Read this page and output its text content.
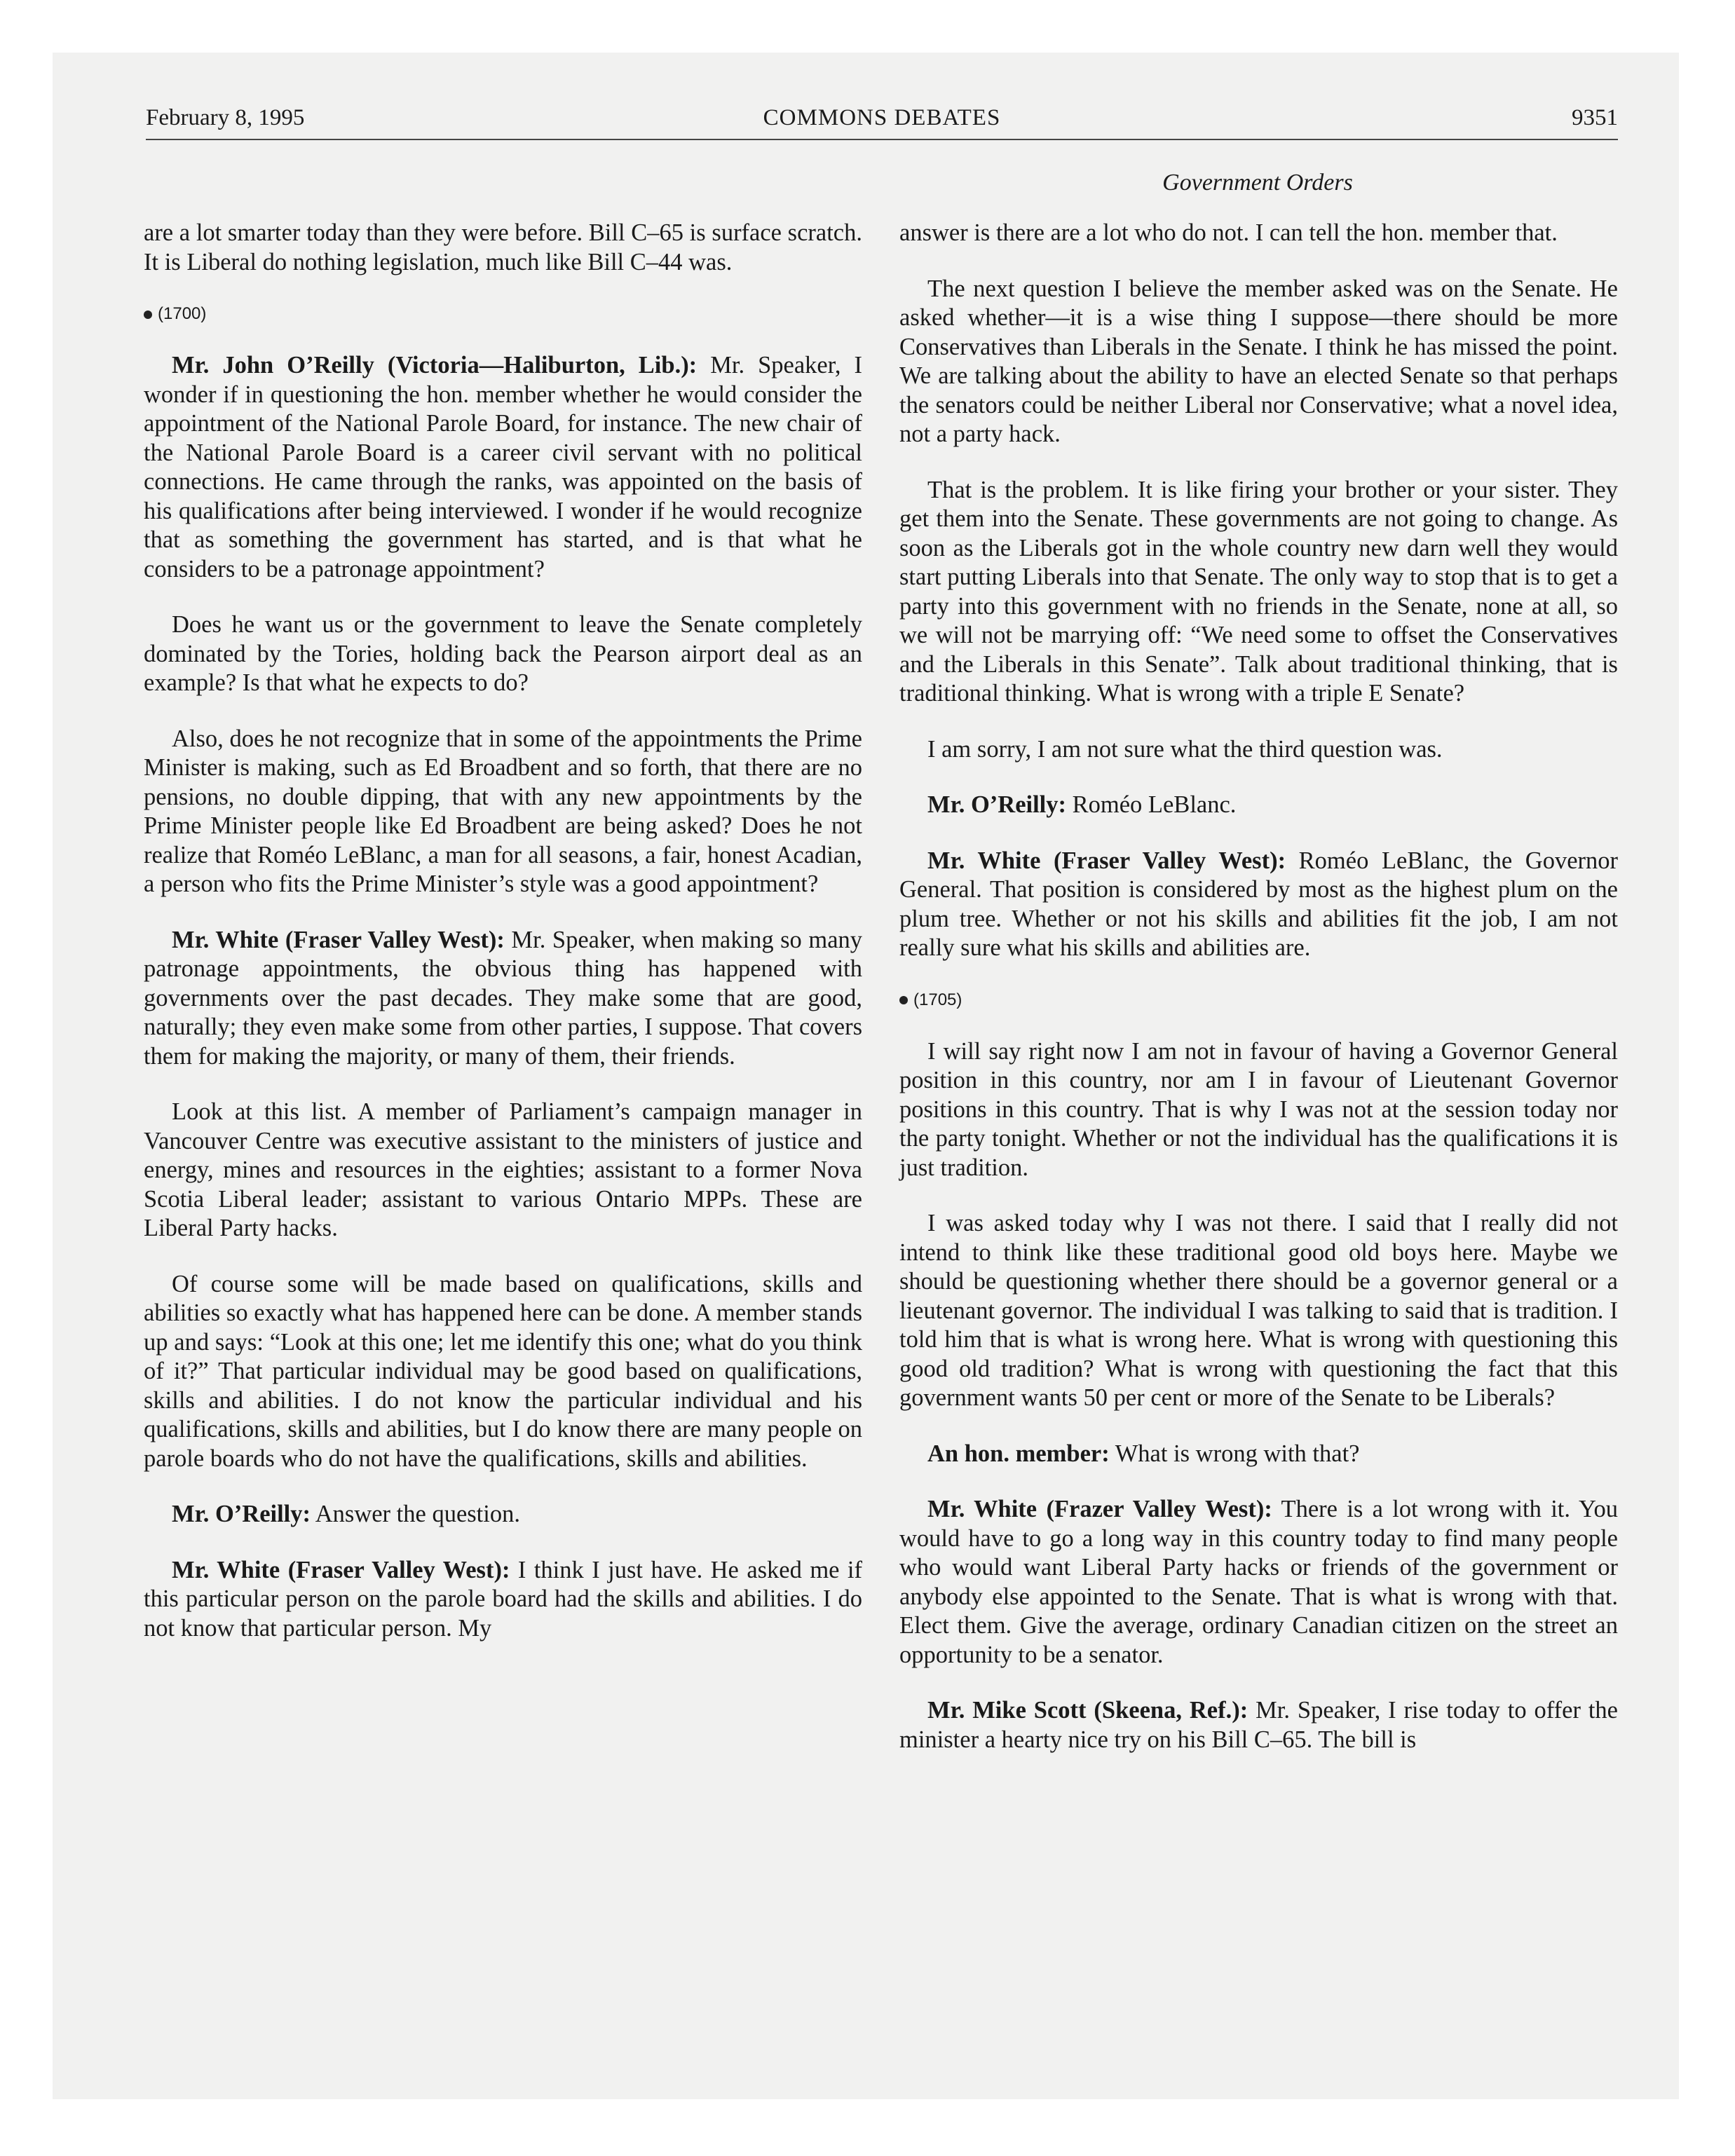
February 8, 1995	COMMONS DEBATES	9351
Government Orders

are a lot smarter today than they were before. Bill C–65 is surface scratch. It is Liberal do nothing legislation, much like Bill C–44 was.

(1700)

Mr. John O’Reilly (Victoria—Haliburton, Lib.): Mr. Speaker, I wonder if in questioning the hon. member whether he would consider the appointment of the National Parole Board, for instance. The new chair of the National Parole Board is a career civil servant with no political connections. He came through the ranks, was appointed on the basis of his qualifications after being interviewed. I wonder if he would recognize that as something the government has started, and is that what he considers to be a patronage appointment?

Does he want us or the government to leave the Senate completely dominated by the Tories, holding back the Pearson airport deal as an example? Is that what he expects to do?

Also, does he not recognize that in some of the appointments the Prime Minister is making, such as Ed Broadbent and so forth, that there are no pensions, no double dipping, that with any new appointments by the Prime Minister people like Ed Broadbent are being asked? Does he not realize that Roméo LeBlanc, a man for all seasons, a fair, honest Acadian, a person who fits the Prime Minister’s style was a good appointment?

Mr. White (Fraser Valley West): Mr. Speaker, when making so many patronage appointments, the obvious thing has happened with governments over the past decades. They make some that are good, naturally; they even make some from other parties, I suppose. That covers them for making the majority, or many of them, their friends.

Look at this list. A member of Parliament’s campaign manager in Vancouver Centre was executive assistant to the ministers of justice and energy, mines and resources in the eighties; assistant to a former Nova Scotia Liberal leader; assistant to various Ontario MPPs. These are Liberal Party hacks.

Of course some will be made based on qualifications, skills and abilities so exactly what has happened here can be done. A member stands up and says: “Look at this one; let me identify this one; what do you think of it?” That particular individual may be good based on qualifications, skills and abilities. I do not know the particular individual and his qualifications, skills and abilities, but I do know there are many people on parole boards who do not have the qualifications, skills and abilities.

Mr. O’Reilly: Answer the question.

Mr. White (Fraser Valley West): I think I just have. He asked me if this particular person on the parole board had the skills and abilities. I do not know that particular person. My

answer is there are a lot who do not. I can tell the hon. member that.

The next question I believe the member asked was on the Senate. He asked whether—it is a wise thing I suppose—there should be more Conservatives than Liberals in the Senate. I think he has missed the point. We are talking about the ability to have an elected Senate so that perhaps the senators could be neither Liberal nor Conservative; what a novel idea, not a party hack.

That is the problem. It is like firing your brother or your sister. They get them into the Senate. These governments are not going to change. As soon as the Liberals got in the whole country new darn well they would start putting Liberals into that Senate. The only way to stop that is to get a party into this government with no friends in the Senate, none at all, so we will not be marrying off: “We need some to offset the Conservatives and the Liberals in this Senate”. Talk about traditional thinking, that is traditional thinking. What is wrong with a triple E Senate?

I am sorry, I am not sure what the third question was.

Mr. O’Reilly: Roméo LeBlanc.

Mr. White (Fraser Valley West): Roméo LeBlanc, the Governor General. That position is considered by most as the highest plum on the plum tree. Whether or not his skills and abilities fit the job, I am not really sure what his skills and abilities are.

(1705)

I will say right now I am not in favour of having a Governor General position in this country, nor am I in favour of Lieutenant Governor positions in this country. That is why I was not at the session today nor the party tonight. Whether or not the individual has the qualifications it is just tradition.

I was asked today why I was not there. I said that I really did not intend to think like these traditional good old boys here. Maybe we should be questioning whether there should be a governor general or a lieutenant governor. The individual I was talking to said that is tradition. I told him that is what is wrong here. What is wrong with questioning this good old tradition? What is wrong with questioning the fact that this government wants 50 per cent or more of the Senate to be Liberals?

An hon. member: What is wrong with that?

Mr. White (Frazer Valley West): There is a lot wrong with it. You would have to go a long way in this country today to find many people who would want Liberal Party hacks or friends of the government or anybody else appointed to the Senate. That is what is wrong with that. Elect them. Give the average, ordinary Canadian citizen on the street an opportunity to be a senator.

Mr. Mike Scott (Skeena, Ref.): Mr. Speaker, I rise today to offer the minister a hearty nice try on his Bill C–65. The bill is
